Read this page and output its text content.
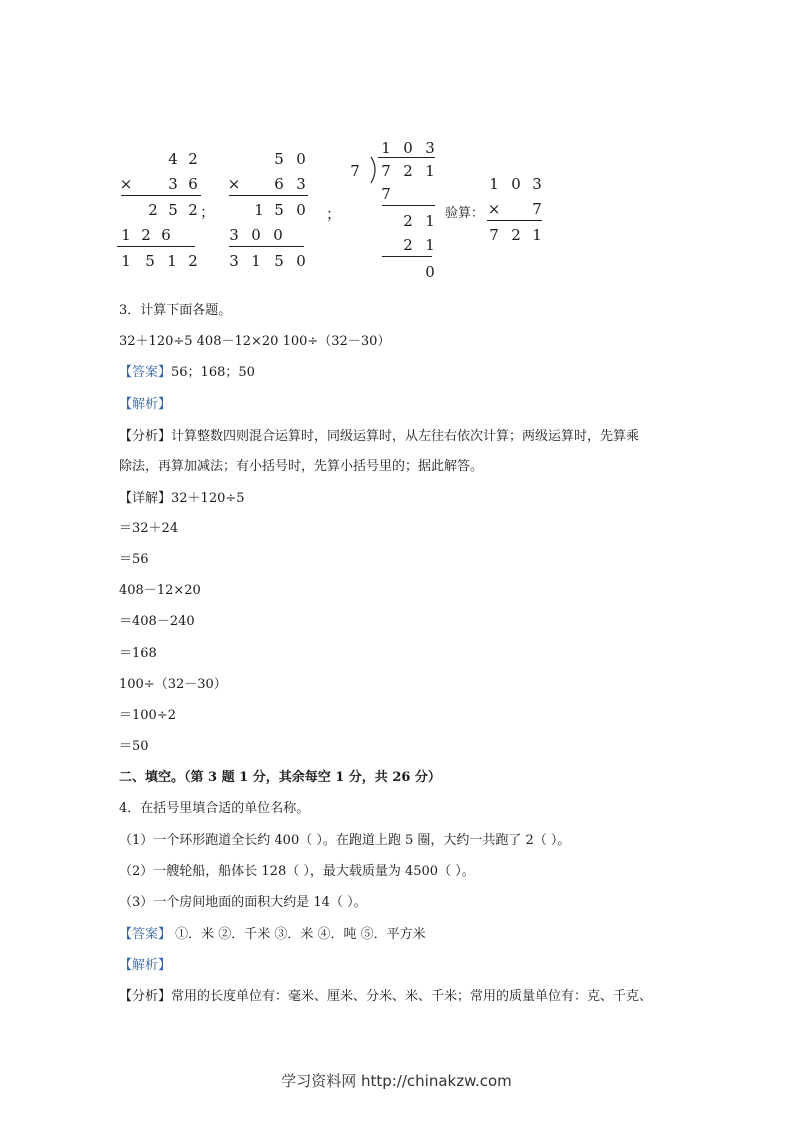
4 2
×	3 6
2 5 2 ；
1 2 6
1 5 1 2
5 0
×	6 3
1 5 0	；
3 0 0
3 1 5 0
1 0 3
7	7 2 1
7
2 1
2 1
0
1 0 3
验算： ×	7
7 2 1
3．计算下面各题。
32＋120÷5 408－12×20 100÷（32－30）
【答案】56；168；50
【解析】
【分析】计算整数四则混合运算时，同级运算时，从左往右依次计算；两级运算时，先算乘
除法，再算加减法；有小括号时，先算小括号里的；据此解答。
【详解】32＋120÷5
＝32＋24
＝56
408－12×20
＝408－240
＝168
100÷（32－30）
＝100÷2
＝50
二、填空。（第 3 题 1 分，其余每空 1 分，共 26 分）
4．在括号里填合适的单位名称。
（1）一个环形跑道全长约 400（ ）。在跑道上跑 5 圈，大约一共跑了 2（ ）。
（2）一艘轮船，船体长 128（ ），最大载质量为 4500（ ）。
（3）一个房间地面的面积大约是 14（ ）。
【答案】 ①．米 ②．千米 ③．米 ④．吨 ⑤．平方米
【解析】
【分析】常用的长度单位有：毫米、厘米、分米、米、千米；常用的质量单位有：克、千克、
学习资料网 http://chinakzw.com
